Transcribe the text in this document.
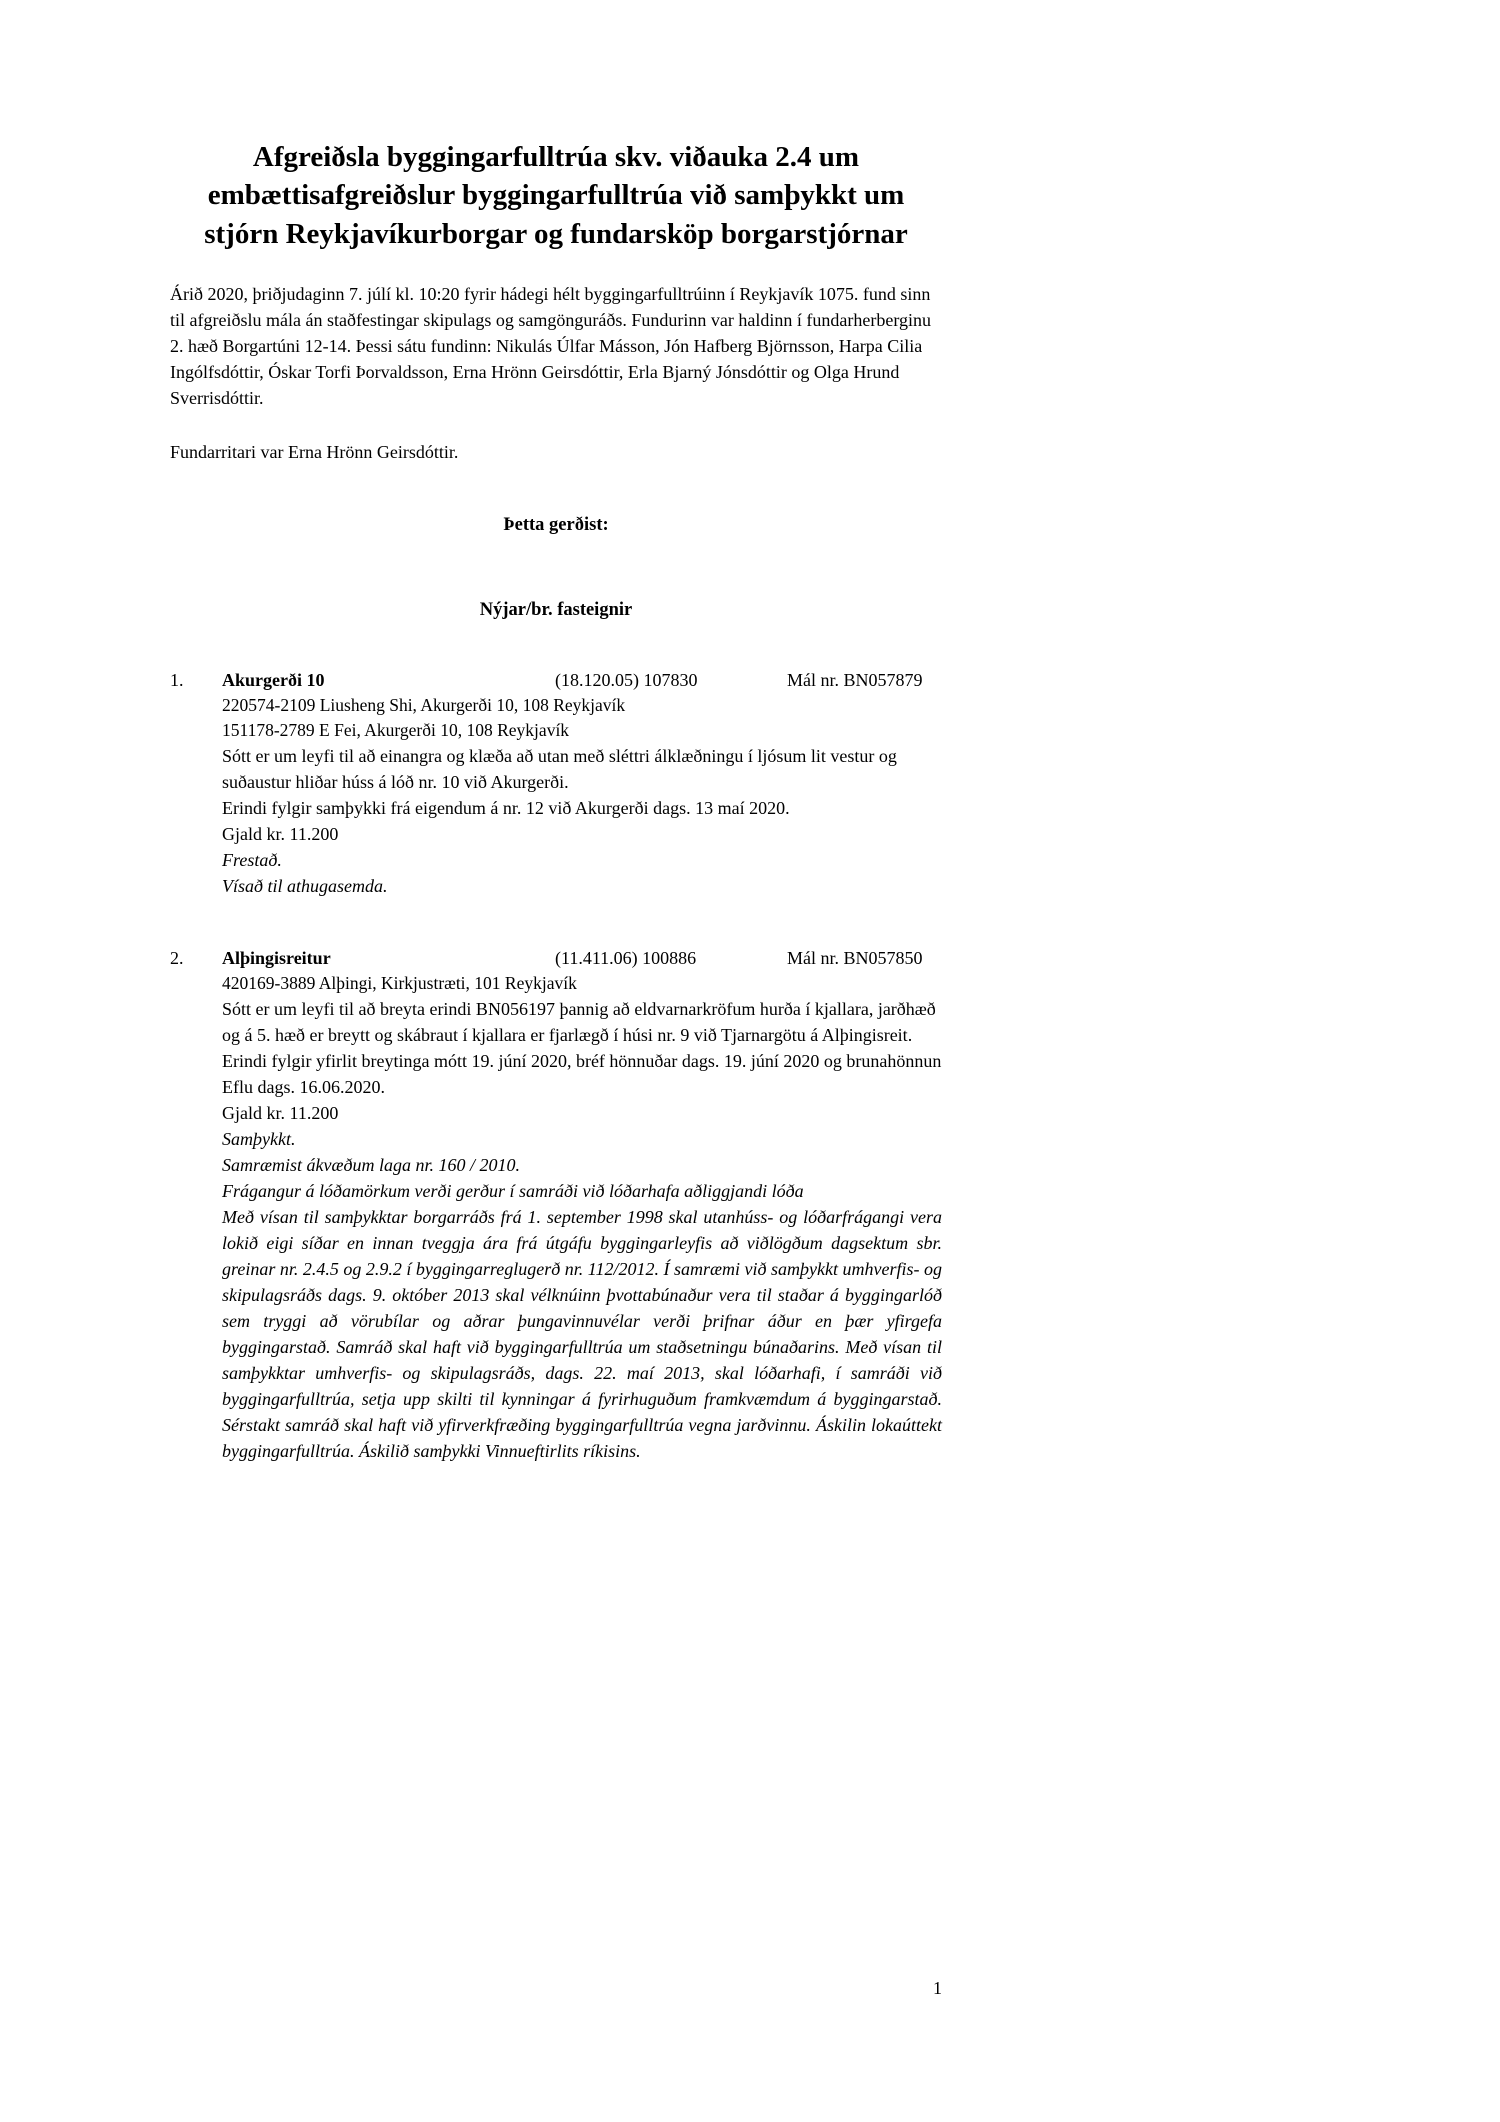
Afgreiðsla byggingarfulltrúa skv. viðauka 2.4 um
embættisafgreiðslur byggingarfulltrúa við samþykkt um
stjórn Reykjavíkurborgar og fundarsköp borgarstjórnar
Árið 2020, þriðjudaginn 7. júlí kl. 10:20 fyrir hádegi hélt byggingarfulltrúinn í Reykjavík 1075. fund sinn til afgreiðslu mála án staðfestingar skipulags og samgönguráðs. Fundurinn var haldinn í fundarherberginu 2. hæð Borgartúni 12-14. Þessi sátu fundinn: Nikulás Úlfar Másson, Jón Hafberg Björnsson, Harpa Cilia Ingólfsdóttir, Óskar Torfi Þorvaldsson, Erna Hrönn Geirsdóttir, Erla Bjarný Jónsdóttir og Olga Hrund Sverrisdóttir.
Fundarritari var Erna Hrönn Geirsdóttir.
Þetta gerðist:
Nýjar/br. fasteignir
1.	Akurgerði 10	(18.120.05) 107830	Mál nr. BN057879
220574-2109 Liusheng Shi, Akurgerði 10, 108 Reykjavík
151178-2789 E Fei, Akurgerði 10, 108 Reykjavík
Sótt er um leyfi til að einangra og klæða að utan með sléttri álklæðningu í ljósum lit vestur og suðaustur hliðar húss á lóð nr. 10 við Akurgerði.
Erindi fylgir samþykki frá eigendum á nr. 12 við Akurgerði dags. 13 maí 2020.
Gjald kr. 11.200
Frestað.
Vísað til athugasemda.
2.	Alþingisreitur	(11.411.06) 100886	Mál nr. BN057850
420169-3889 Alþingi, Kirkjustræti, 101 Reykjavík
Sótt er um leyfi til að breyta erindi BN056197 þannig að eldvarnarkröfum hurða í kjallara, jarðhæð og á 5. hæð er breytt og skábraut í kjallara er fjarlægð í húsi nr. 9 við Tjarnargötu á Alþingisreit.
Erindi fylgir yfirlit breytinga mótt 19. júní 2020, bréf hönnuðar dags. 19. júní 2020 og brunahönnun Eflu dags. 16.06.2020.
Gjald kr. 11.200
Samþykkt.
Samræmist ákvæðum laga nr. 160 / 2010.
Frágangur á lóðamörkum verði gerður í samráði við lóðarhafa aðliggjandi lóða
Með vísan til samþykktar borgarráðs frá 1. september 1998 skal utanhúss- og lóðarfrágangi vera lokið eigi síðar en innan tveggja ára frá útgáfu byggingarleyfis að viðlögðum dagsektum sbr. greinar nr. 2.4.5 og 2.9.2 í byggingarreglugerð nr. 112/2012. Í samræmi við samþykkt umhverfis- og skipulagsráðs dags. 9. október 2013 skal vélknúinn þvottabúnaður vera til staðar á byggingarlóð sem tryggi að vörubílar og aðrar þungavinnuvélar verði þrifnar áður en þær yfirgefa byggingarstað. Samráð skal haft við byggingarfulltrúa um staðsetningu búnaðarins. Með vísan til samþykktar umhverfis- og skipulagsráðs, dags. 22. maí 2013, skal lóðarhafi, í samráði við byggingarfulltrúa, setja upp skilti til kynningar á fyrirhuguðum framkvæmdum á byggingarstað. Sérstakt samráð skal haft við yfirverkfræðing byggingarfulltrúa vegna jarðvinnu. Áskilin lokaúttekt byggingarfulltrúa. Áskilið samþykki Vinnueftirlits ríkisins.
1
